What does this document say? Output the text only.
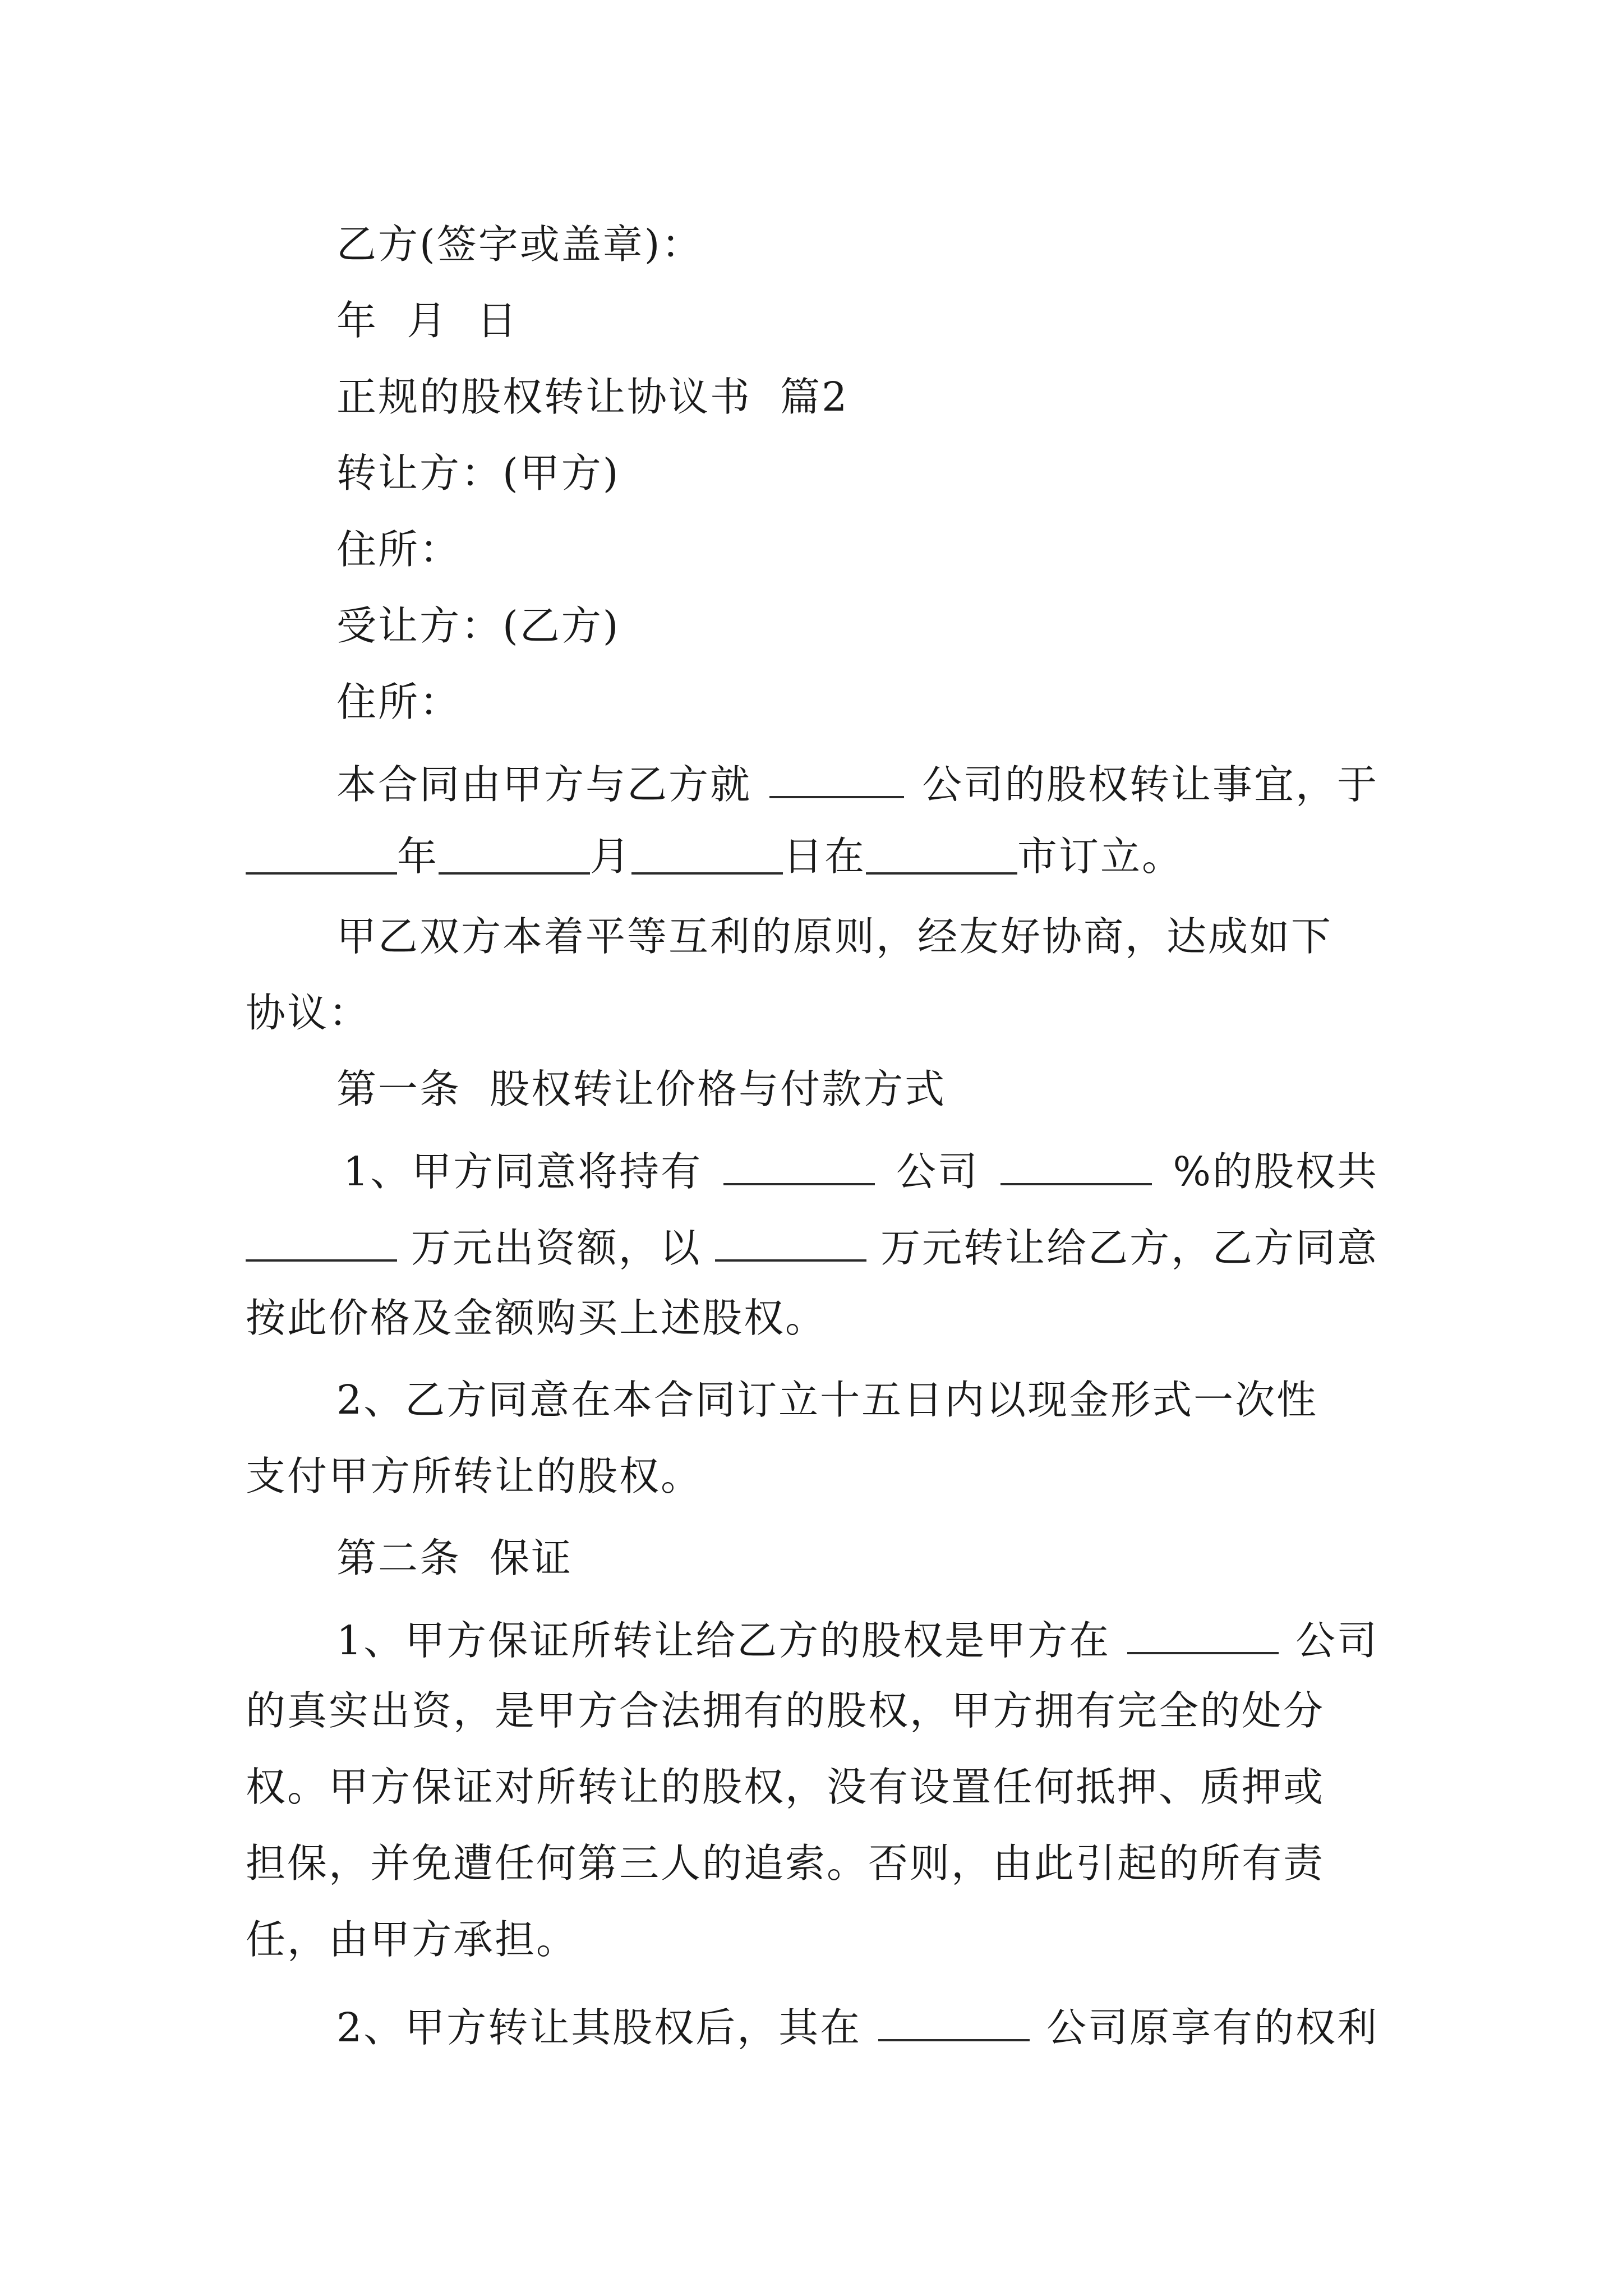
乙方(签字或盖章)：
年  月  日
正规的股权转让协议书  篇2
转让方：(甲方)
住所：
受让方：(乙方)
住所：
本合同由甲方与乙方就	公司的股权转让事宜，于
年	月	日在	市订立。
甲乙双方本着平等互利的原则，经友好协商，达成如下
协议：
第一条  股权转让价格与付款方式
1、甲方同意将持有	公司	%的股权共
万元出资额，以	万元转让给乙方，乙方同意
按此价格及金额购买上述股权。
2、乙方同意在本合同订立十五日内以现金形式一次性
支付甲方所转让的股权。
第二条  保证
1、甲方保证所转让给乙方的股权是甲方在	公司
的真实出资，是甲方合法拥有的股权，甲方拥有完全的处分
权。甲方保证对所转让的股权，没有设置任何抵押、质押或
担保，并免遭任何第三人的追索。否则，由此引起的所有责
任，由甲方承担。
2、甲方转让其股权后，其在	公司原享有的权利
